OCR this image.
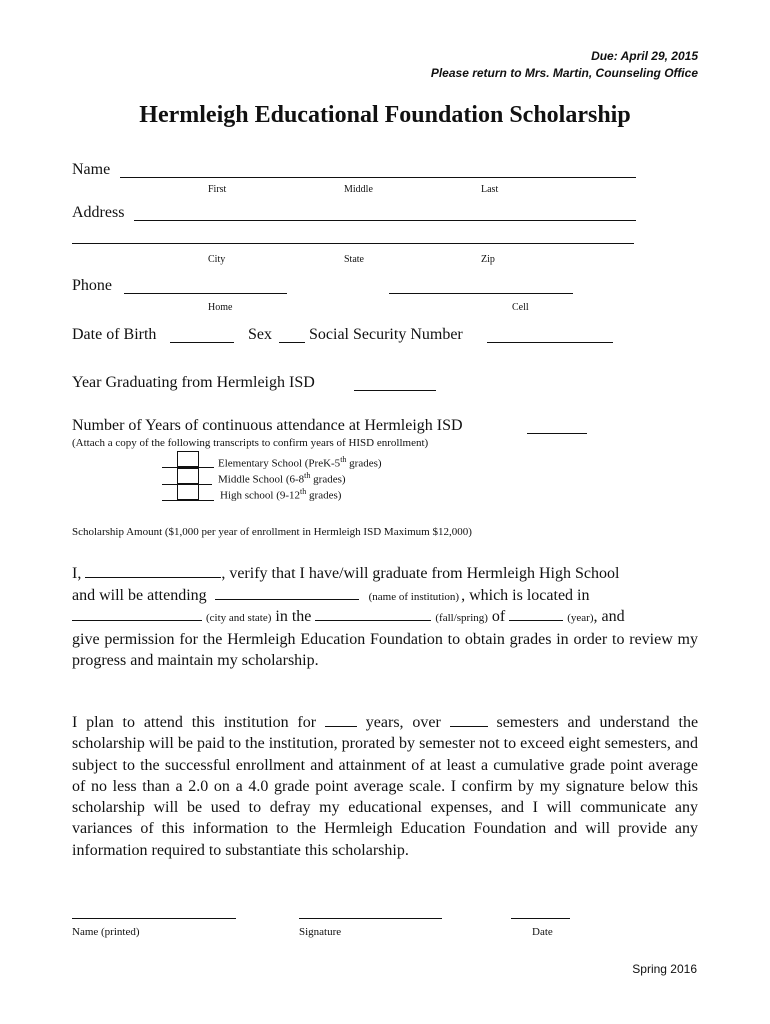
Due: April 29, 2015
Please return to Mrs. Martin, Counseling Office
Hermleigh Educational Foundation Scholarship
Name
First	Middle	Last
Address
City	State	Zip
Phone
Home	Cell
Date of Birth	Sex Social Security Number
Year Graduating from Hermleigh ISD
Number of Years of continuous attendance at Hermleigh ISD
(Attach a copy of the following transcripts to confirm years of HISD enrollment)
Elementary School (PreK-5th grades)
Middle School (6-8th grades)
High school (9-12th grades)
Scholarship Amount ($1,000 per year of enrollment in Hermleigh ISD Maximum $12,000)
I,	, verify that I have/will graduate from Hermleigh High School
and will be attending	(name of institution) , which is located in
(city and state) in the	(fall/spring) of	(year), and
give permission for the Hermleigh Education Foundation to obtain grades in order to review my progress and maintain my scholarship.
I plan to attend this institution for	years, over	semesters and understand the scholarship will be paid to the institution, prorated by semester not to exceed eight semesters, and subject to the successful enrollment and attainment of at least a cumulative grade point average of no less than a 2.0 on a 4.0 grade point average scale. I confirm by my signature below this scholarship will be used to defray my educational expenses, and I will communicate any variances of this information to the Hermleigh Education Foundation and will provide any information required to substantiate this scholarship.
Name (printed)	Signature	Date
Spring 2016
